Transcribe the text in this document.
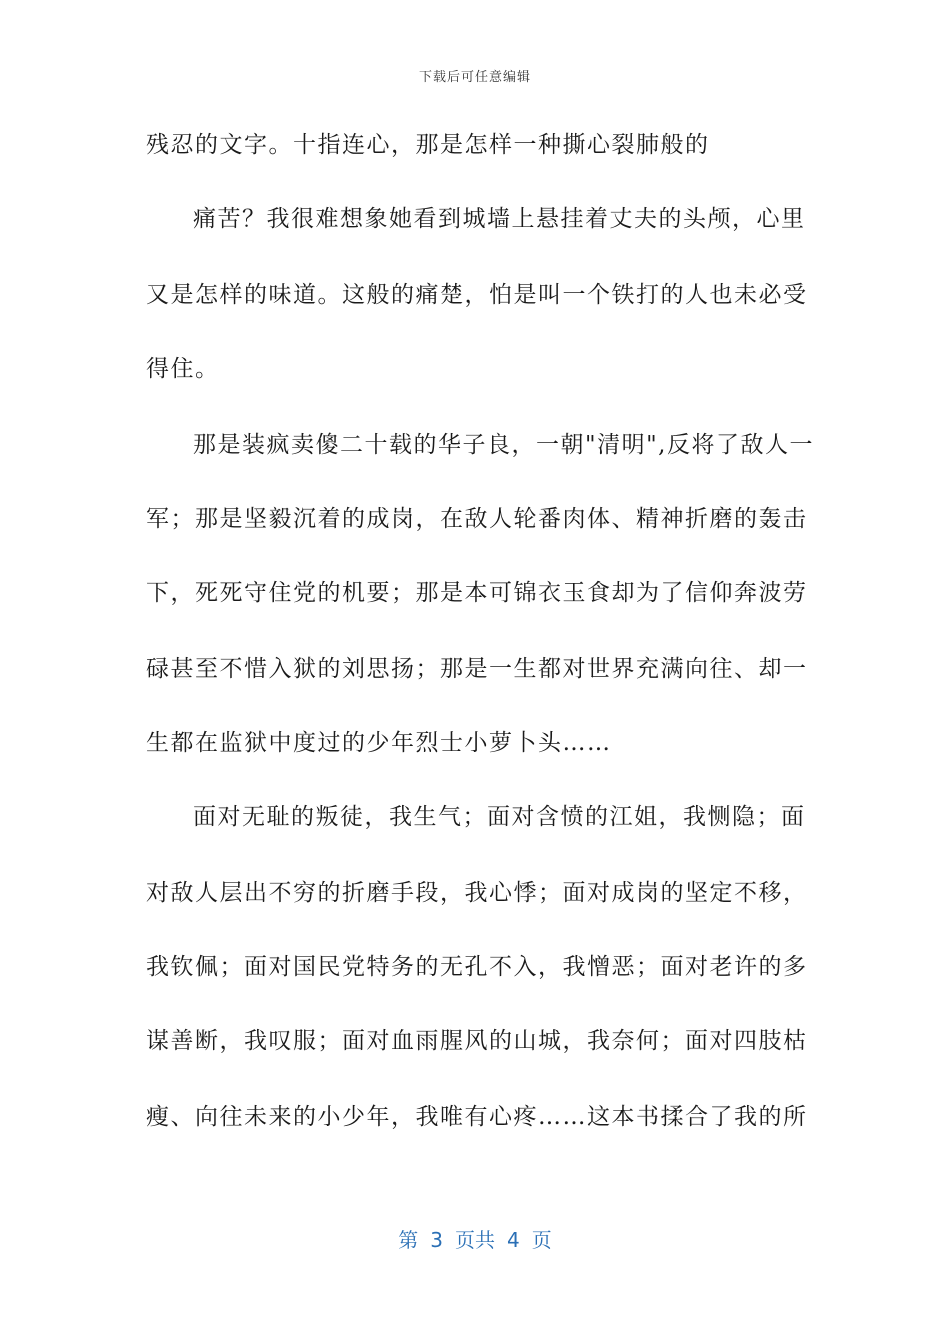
下载后可任意编辑
残忍的文字。十指连心，那是怎样一种撕心裂肺般的
痛苦？我很难想象她看到城墙上悬挂着丈夫的头颅，心里
又是怎样的味道。这般的痛楚，怕是叫一个铁打的人也未必受
得住。
那是装疯卖傻二十载的华子良，一朝"清明",反将了敌人一
军；那是坚毅沉着的成岗，在敌人轮番肉体、精神折磨的轰击
下，死死守住党的机要；那是本可锦衣玉食却为了信仰奔波劳
碌甚至不惜入狱的刘思扬；那是一生都对世界充满向往、却一
生都在监狱中度过的少年烈士小萝卜头……
面对无耻的叛徒，我生气；面对含愤的江姐，我恻隐；面
对敌人层出不穷的折磨手段，我心悸；面对成岗的坚定不移，
我钦佩；面对国民党特务的无孔不入，我憎恶；面对老许的多
谋善断，我叹服；面对血雨腥风的山城，我奈何；面对四肢枯
瘦、向往未来的小少年，我唯有心疼……这本书揉合了我的所
第 3 页共 4 页
